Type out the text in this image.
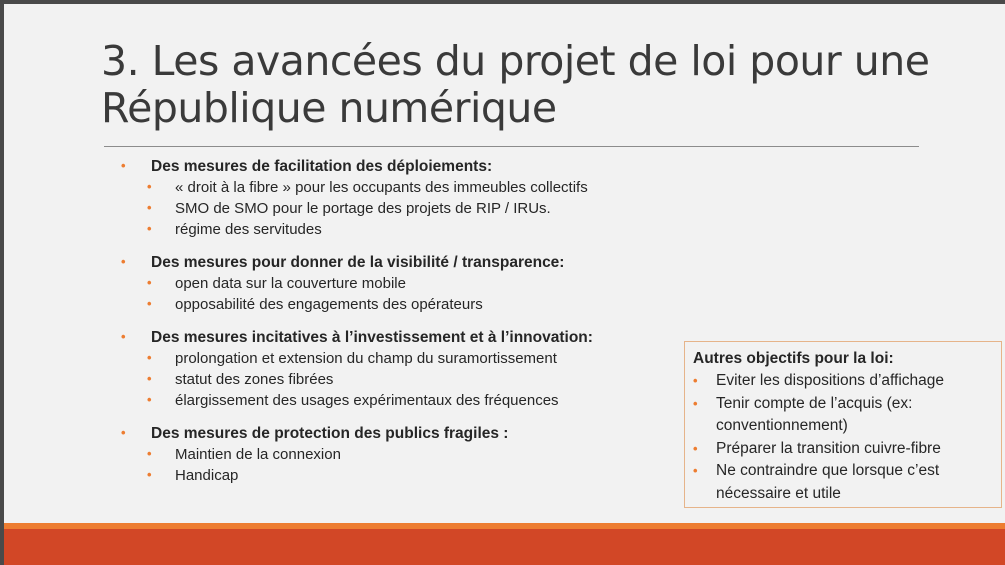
3. Les avancées du projet de loi pour une République numérique
• Des mesures de facilitation des déploiements:
• « droit à la fibre » pour les occupants des immeubles collectifs
• SMO de SMO pour le portage des projets de RIP / IRUs.
• régime des servitudes
• Des mesures pour donner de la visibilité / transparence:
• open data sur la couverture mobile
• opposabilité des engagements des opérateurs
• Des mesures incitatives à l’investissement et à l’innovation:
• prolongation et extension du champ du suramortissement
• statut des zones fibrées
• élargissement des usages expérimentaux des fréquences
• Des mesures de protection des publics fragiles :
• Maintien de la connexion
• Handicap
Autres objectifs pour la loi:
• Eviter les dispositions d’affichage
• Tenir compte de l’acquis (ex: conventionnement)
• Préparer la transition cuivre-fibre
• Ne contraindre que lorsque c’est nécessaire et utile
